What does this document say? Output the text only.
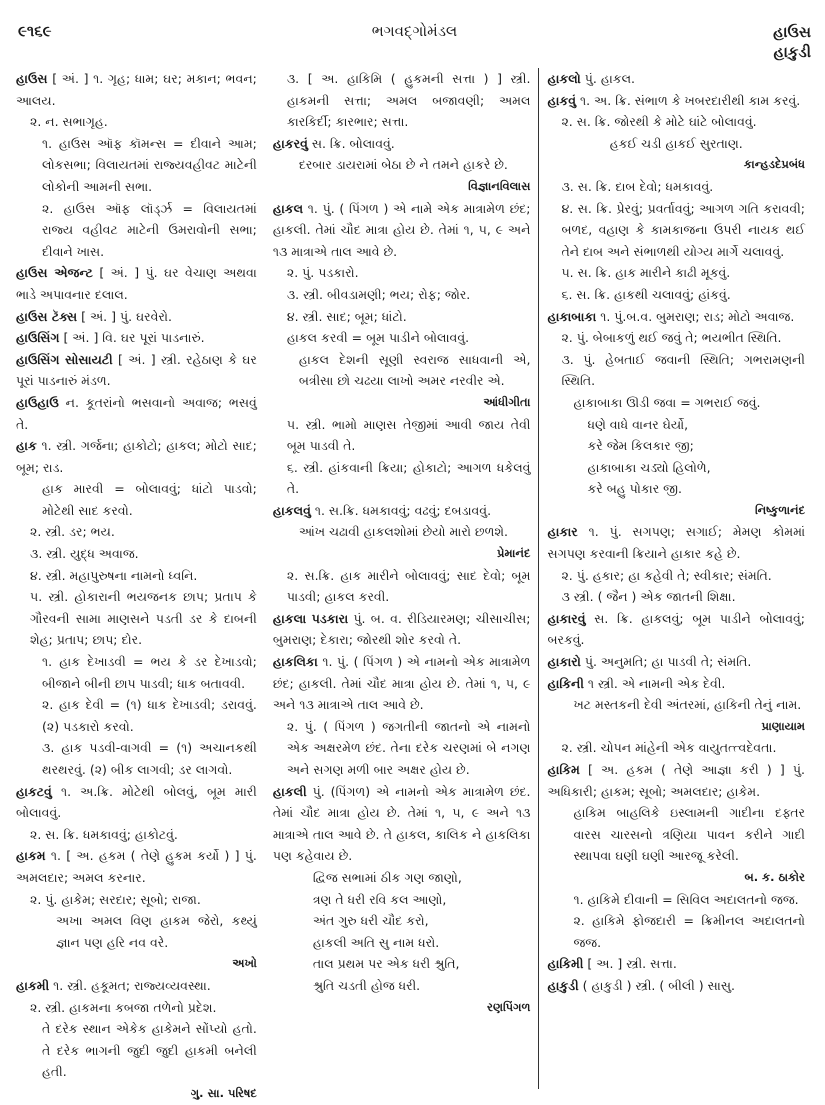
૯૧૬૯	ભગવદ્ગોમંડલ	હાઉસ
હાકુડી

હાઉસ [ અં. ] ૧. ગૃહ; ધામ; ઘર; મકાન; ભવન; આલય.

૨. ન. સભાગૃહ.

૧. હાઉસ ઑફ કૉમન્સ = દીવાને આમ; લોકસભા; વિલાયતમાં રાજ્યવહીવટ માટેની લોકોની આમની સભા.

૨. હાઉસ ઑફ લૉર્ડ્ઝ = વિલાયતમાં રાજ્ય વહીવટ માટેની ઉમરાવોની સભા; દીવાને ખાસ.

હાઉસ એજન્ટ [ અં. ] પું. ઘર વેચાણ અથવા ભાડે અપાવનાર દલાલ.

હાઉસ ટૅક્સ [ અં. ] પું. ઘરવેરો.

હાઉસિંગ [ અં. ] વિ. ઘર પૂરાં પાડનારું.

હાઉસિંગ સોસાયટી [ અં. ] સ્ત્રી. રહેઠાણ કે ઘર પૂરાં પાડનારું મંડળ.

હાઉહાઉ ન. કૂતરાંનો ભસવાનો અવાજ; ભસવું તે.

હાક ૧. સ્ત્રી. ગર્જના; હાકોટો; હાકલ; મોટો સાદ; બૂમ; રાડ.

હાક મારવી = બોલાવવું; ધાંટો પાડવો; મોટેથી સાદ કરવો.

૨. સ્ત્રી. ડર; ભય.

૩. સ્ત્રી. યુદ્ધ અવાજ.

૪. સ્ત્રી. મહાપુરુષના નામનો ધ્વનિ.

૫. સ્ત્રી. હોકારાની ભયજનક છાપ; પ્રતાપ કે ગૌરવની સામા માણસને પડતી ડર કે દાબની શેહ; પ્રતાપ; છાપ; દોર.

૧. હાક દેખાડવી = ભય કે ડર દેખાડવો; બીજાને બીની છાપ પાડવી; ધાક બતાવવી.

૨. હાક દેવી = (૧) ધાક દેખાડવી; ડરાવવું. (૨) પડકારો કરવો.

૩. હાક પડવી-વાગવી = (૧) અચાનકથી થરથરવું. (૨) બીક લાગવી; ડર લાગવો.

હાકટવું ૧. અ.ક્રિ. મોટેથી બોલવું, બૂમ મારી બોલાવવું.

૨. સ. ક્રિ. ધમકાવવું; હાકોટવું.

હાકમ ૧. [ અ. હકમ ( તેણે હુકમ કર્યો ) ] પું. અમલદાર; અમલ કરનાર.

૨. પું. હાકેમ; સરદાર; સૂબો; રાજા.

અખા અમલ વિણ હાકમ જેરો, કથ્યું જ્ઞાન પણ હરિ નવ વરે.

અખો

હાકમી ૧. સ્ત્રી. હકૂમત; રાજ્યવ્યવસ્થા.

૨. સ્ત્રી. હાકમના કબજા તળેનો પ્રદેશ.

તે દરેક સ્થાન એકેક હાકેમને સોંપ્યો હતો. તે દરેક ભાગની જુદી જુદી હાકમી બનેલી હતી.

ગુ. સા. પરિષદ

૩. [ અ. હાકિમિ ( હુકમની સત્તા ) ] સ્ત્રી. હાકમની સત્તા; અમલ બજાવણી; અમલ કારકિર્દી; કારભાર; સત્તા.

હાકરવું સ. ક્રિ. બોલાવવું.

દરબાર ડાયરામાં બેઠા છે ને તમને હાકરે છે.

વિજ્ઞાનવિલાસ

હાકલ ૧. પું. ( પિંગળ ) એ નામે એક માત્રામેળ છંદ; હાકલી. તેમાં ચૌદ માત્રા હોય છે. તેમાં ૧, ૫, ૯ અને ૧૩ માત્રાએ તાલ આવે છે.

૨. પું. પડકારો.

૩. સ્ત્રી. બીવડામણી; ભય; રોફ; જોર.

૪. સ્ત્રી. સાદ; બૂમ; ધાંટો.

હાકલ કરવી = બૂમ પાડીને બોલાવવું.

હાકલ દેશની સૂણી સ્વરાજ સાધવાની એ, બત્રીસા છો ચઢયા લાખો અમર નરવીર એ.

આંધીગીતા

૫. સ્ત્રી. ભામો માણસ તેજીમાં આવી જાય તેવી બૂમ પાડવી તે.

૬. સ્ત્રી. હાંકવાની ક્રિયા; હોકાટો; આગળ ધકેલવું તે.

હાકલવું ૧. સ.ક્રિ. ધમકાવવું; વઢવું; દબડાવવું.

આંખ ચઢાવી હાકલશોમાં છેયો મારો છળશે.

પ્રેમાનંદ

૨. સ.ક્રિ. હાક મારીને બોલાવવું; સાદ દેવો; બૂમ પાડવી; હાકલ કરવી.

હાકલા પડકારા પું. બ. વ. રીડિયારમણ; ચીસાચીસ; બુમરાણ; દેકારા; જોરથી શોર કરવો તે.

હાકલિકા ૧. પું. ( પિંગળ ) એ નામનો એક માત્રામેળ છંદ; હાકલી. તેમાં ચૌદ માત્રા હોય છે. તેમાં ૧, ૫, ૯ અને ૧૩ માત્રાએ તાલ આવે છે.

૨. પું. ( પિંગળ ) જગતીની જાતનો એ નામનો એક અક્ષરમેળ છંદ. તેના દરેક ચરણમાં બે નગણ અને સગણ મળી બાર અક્ષર હોય છે.

હાકલી પું. (પિંગળ) એ નામનો એક માત્રામેળ છંદ. તેમાં ચૌદ માત્રા હોય છે. તેમાં ૧, ૫, ૯ અને ૧૩ માત્રાએ તાલ આવે છે. તે હાકલ, કાલિક ને હાકલિકા પણ કહેવાય છે.

દ્વિજ સભામાં ઠીક ગણ જાણો,

ત્રણ તે ધરી રવિ કલ આણો,

અંત ગુરુ ધરી ચૌદ કરો,

હાકલી અતિ સુ નામ ધરો.

તાલ પ્રથમ પર એક ધરી શ્રુતિ,

શ્રુતિ ચડતી હોજ ધરી.

રણપિંગળ

હાકલો પું. હાકલ.

હાકવું ૧. અ. ક્રિ. સંભાળ કે ખબરદારીથી કામ કરવું.

૨. સ. ક્રિ. જોરથી કે મોટે ઘાંટે બોલાવવું.

હકઈ ચડી હાકઈ સુરતાણ.

કાન્હડદેપ્રબંધ

૩. સ. ક્રિ. દાબ દેવો; ધમકાવવું.

૪. સ. ક્રિ. પ્રેરવું; પ્રવર્તાવવું; આગળ ગતિ કરાવવી; બળદ, વહાણ કે કામકાજના ઉપરી નાયક થઈ તેને દાબ અને સંભાળથી યોગ્ય માર્ગે ચલાવવું.

૫. સ. ક્રિ. હાક મારીને કાઢી મૂકવું.

૬. સ. ક્રિ. હાકથી ચલાવવું; હાંકવું.

હાકાબાકા ૧. પું.બ.વ. બુમરાણ; રાડ; મોટો અવાજ.

૨. પું. બેબાકળું થઈ જવું તે; ભયભીત સ્થિતિ.

૩. પું. હેબતાઈ જવાની સ્થિતિ; ગભરામણની સ્થિતિ.

હાકાબાકા ઊડી જવા = ગભરાઈ જવું.

ધણે વાધે વાનર ઘેર્યો,

કરે જેમ કિલકાર જી;

હાકાબાકા ચડ્યો હિલોળે,

કરે બહુ પોકાર જી.

નિષ્કુળાનંદ

હાકાર ૧. પું. સગપણ; સગાઈ; મેમણ કોમમાં સગપણ કરવાની ક્રિયાને હાકાર કહે છે.

૨. પું. હકાર; હા કહેવી તે; સ્વીકાર; સંમતિ.

૩ સ્ત્રી. ( જૈન ) એક જાતની શિક્ષા.

હાકારવું સ. ક્રિ. હાકલવું; બૂમ પાડીને બોલાવવું; બરકવું.

હાકારો પું. અનુમતિ; હા પાડવી તે; સંમતિ.

હાકિની ૧ સ્ત્રી. એ નામની એક દેવી.

ખટ મસ્તકની દેવી અંતરમાં, હાકિની તેનું નામ.

પ્રાણાયામ

૨. સ્ત્રી. ચોપન માંહેની એક વાયુતત્ત્વદેવતા.

હાકિમ [ અ. હકમ ( તેણે આજ્ઞા કરી ) ] પું. અધિકારી; હાકમ; સૂબો; અમલદાર; હાકેમ.

હાકિમ બાહલિકે ઇસ્લામની ગાદીના દફ્તર વારસ ચારસનો ત્રણિયા પાવન કરીને ગાદી સ્થાપવા ઘણી ઘણી આરજૂ કરેલી.

બ. ક. ઠાકોર

૧. હાકિમે દીવાની = સિવિલ અદાલતનો જજ.

૨. હાકિમે ફોજદારી = ક્રિમીનલ અદાલતનો જજ.

હાકિમી [ અ. ] સ્ત્રી. સત્તા.

હાકુડી ( હાકુડી ) સ્ત્રી. ( બીલી ) સાસુ.
